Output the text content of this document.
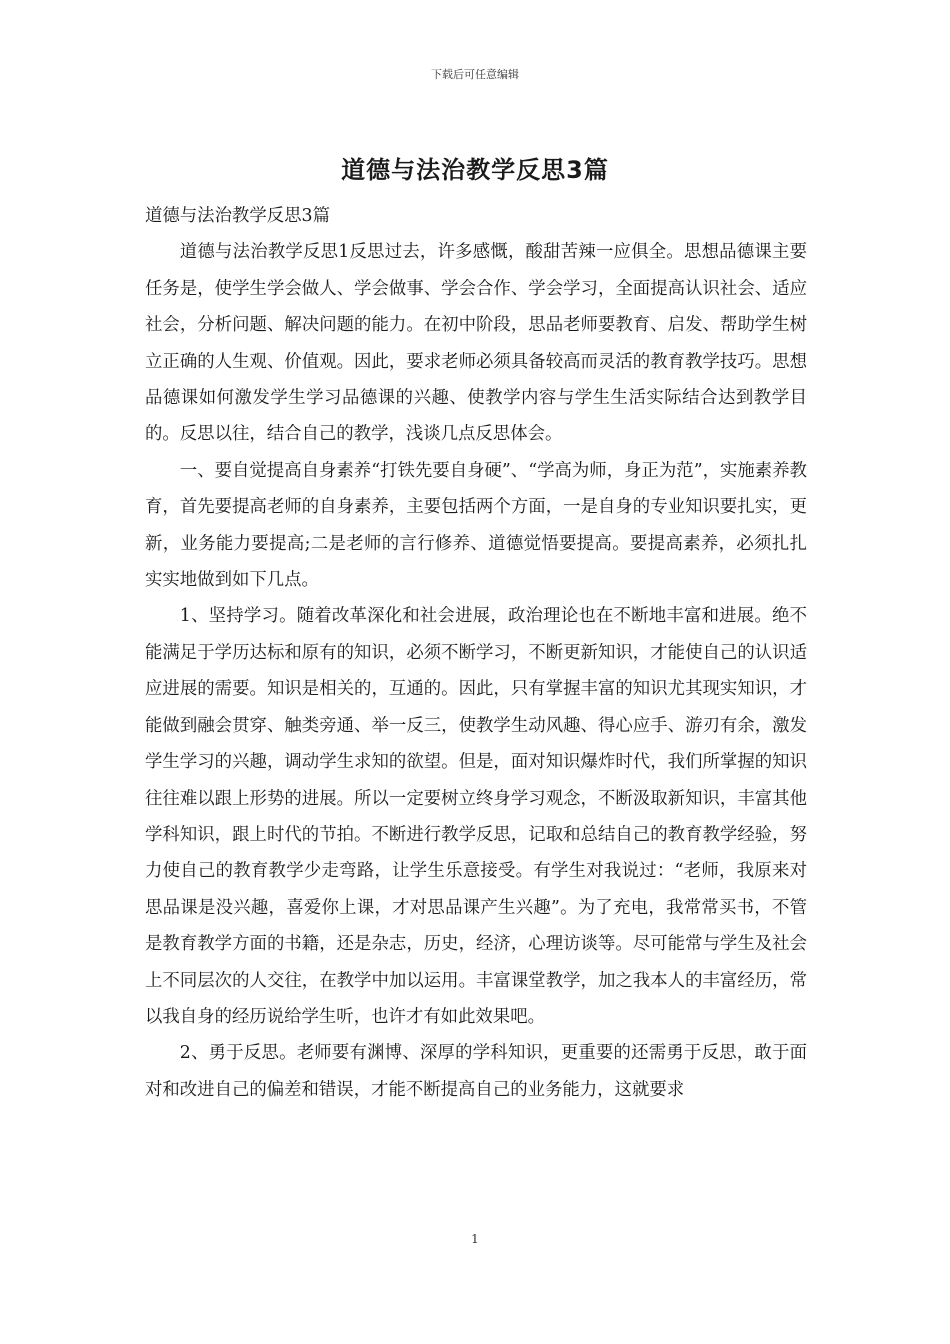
下载后可任意编辑
道德与法治教学反思3篇

道德与法治教学反思3篇

道德与法治教学反思1反思过去，许多感慨，酸甜苦辣一应俱全。思想品德课主要任务是，使学生学会做人、学会做事、学会合作、学会学习，全面提高认识社会、适应社会，分析问题、解决问题的能力。在初中阶段，思品老师要教育、启发、帮助学生树立正确的人生观、价值观。因此，要求老师必须具备较高而灵活的教育教学技巧。思想品德课如何激发学生学习品德课的兴趣、使教学内容与学生生活实际结合达到教学目的。反思以往，结合自己的教学，浅谈几点反思体会。

一、要自觉提高自身素养“打铁先要自身硬”、“学高为师，身正为范”，实施素养教育，首先要提高老师的自身素养，主要包括两个方面，一是自身的专业知识要扎实，更新，业务能力要提高;二是老师的言行修养、道德觉悟要提高。要提高素养，必须扎扎实实地做到如下几点。

1、坚持学习。随着改革深化和社会进展，政治理论也在不断地丰富和进展。绝不能满足于学历达标和原有的知识，必须不断学习，不断更新知识，才能使自己的认识适应进展的需要。知识是相关的，互通的。因此，只有掌握丰富的知识尤其现实知识，才能做到融会贯穿、触类旁通、举一反三，使教学生动风趣、得心应手、游刃有余，激发学生学习的兴趣，调动学生求知的欲望。但是，面对知识爆炸时代，我们所掌握的知识往往难以跟上形势的进展。所以一定要树立终身学习观念，不断汲取新知识，丰富其他学科知识，跟上时代的节拍。不断进行教学反思，记取和总结自己的教育教学经验，努力使自己的教育教学少走弯路，让学生乐意接受。有学生对我说过：“老师，我原来对思品课是没兴趣，喜爱你上课，才对思品课产生兴趣”。为了充电，我常常买书，不管是教育教学方面的书籍，还是杂志，历史，经济，心理访谈等。尽可能常与学生及社会上不同层次的人交往，在教学中加以运用。丰富课堂教学，加之我本人的丰富经历，常以我自身的经历说给学生听，也许才有如此效果吧。

2、勇于反思。老师要有渊博、深厚的学科知识，更重要的还需勇于反思，敢于面对和改进自己的偏差和错误，才能不断提高自己的业务能力，这就要求

1
